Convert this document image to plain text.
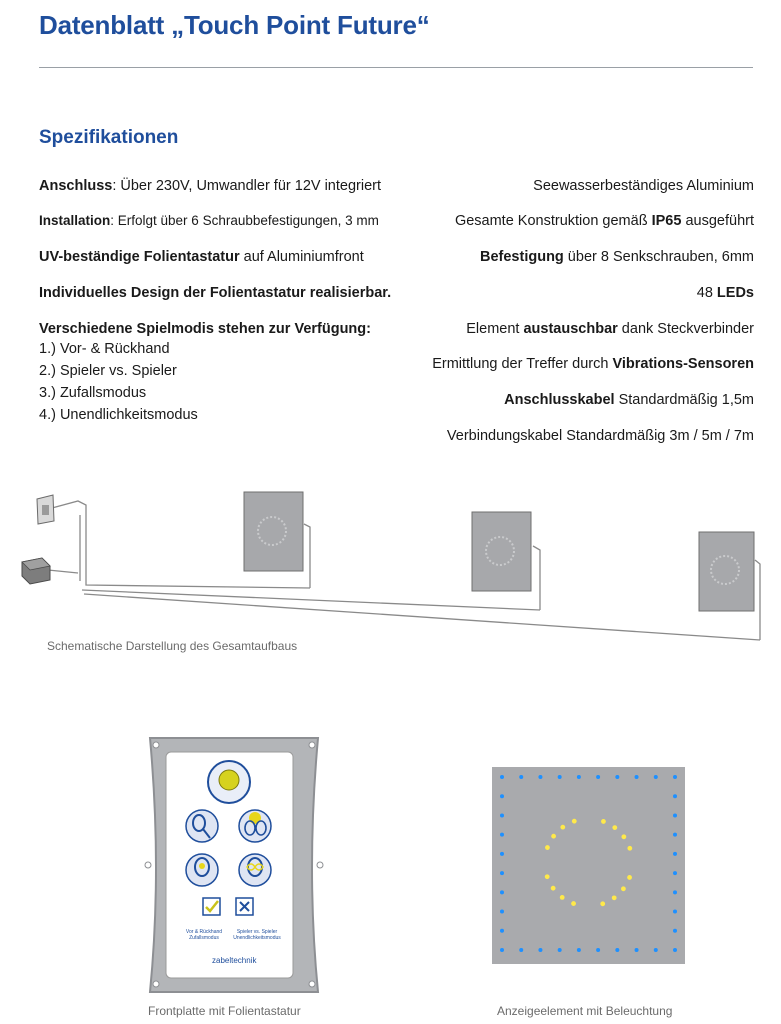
Datenblatt „Touch Point Future“
Spezifikationen
Anschluss: Über 230V, Umwandler für 12V integriert
Installation: Erfolgt über 6 Schraubbefestigungen, 3 mm
UV-beständige Folientastatur auf Aluminiumfront
Individuelles Design der Folientastatur realisierbar.
Verschiedene Spielmodis stehen zur Verfügung:
1.) Vor- & Rückhand
2.) Spieler vs. Spieler
3.) Zufallsmodus
4.) Unendlichkeitsmodus
Seewasserbeständiges Aluminium
Gesamte Konstruktion gemäß IP65 ausgeführt
Befestigung über 8 Senkschrauben, 6mm
48 LEDs
Element austauschbar dank Steckverbinder
Ermittlung der Treffer durch Vibrations-Sensoren
Anschlusskabel Standardmäßig 1,5m
Verbindungskabel Standardmäßig 3m / 5m / 7m
Schematische Darstellung des Gesamtaufbaus
Vor & Rückhand
Zufallsmodus
Spieler vs. Spieler
Unendlichkeitsmodus
zabeltechnik
Frontplatte mit Folientastatur	Anzeigeelement mit Beleuchtung
